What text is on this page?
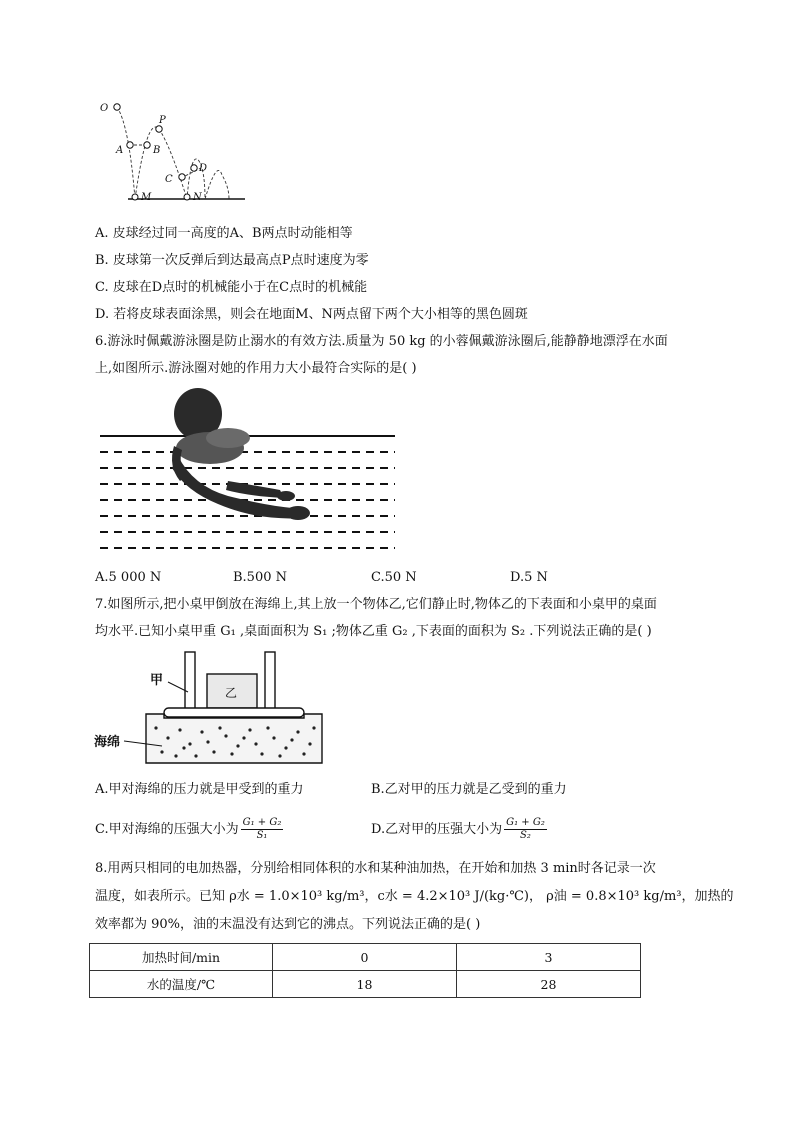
O
A	B
P
C
D
M	N
A. 皮球经过同一高度的A、B两点时动能相等
B. 皮球第一次反弹后到达最高点P点时速度为零
C. 皮球在D点时的机械能小于在C点时的机械能
D. 若将皮球表面涂黑，则会在地面M、N两点留下两个大小相等的黑色圆斑
6.游泳时佩戴游泳圈是防止溺水的有效方法.质量为 50 kg 的小蓉佩戴游泳圈后,能静静地漂浮在水面
上,如图所示.游泳圈对她的作用力大小最符合实际的是( )
A.5 000 N	B.500 N	C.50 N	D.5 N
7.如图所示,把小桌甲倒放在海绵上,其上放一个物体乙,它们静止时,物体乙的下表面和小桌甲的桌面
均水平.已知小桌甲重 G₁ ,桌面面积为 S₁ ;物体乙重 G₂ ,下表面的面积为 S₂ .下列说法正确的是( )
乙
甲
海绵
A.甲对海绵的压力就是甲受到的重力	B.乙对甲的压力就是乙受到的重力
C.甲对海绵的压强大小为 $\frac{\text{G₁ + G₂}}{\text{S₁}}$	D.乙对甲的压强大小为 $\frac{\text{G₁ + G₂}}{\text{S₂}}$
8.用两只相同的电加热器，分别给相同体积的水和某种油加热，在开始和加热 3 min时各记录一次
温度，如表所示。已知 ρ水 = 1.0×10³ kg/m³，c水 = 4.2×10³ J/(kg·℃)， ρ油 = 0.8×10³ kg/m³，加热的
效率都为 90%，油的末温没有达到它的沸点。下列说法正确的是( )
加热时间/min	0	3
水的温度/℃	18	28
